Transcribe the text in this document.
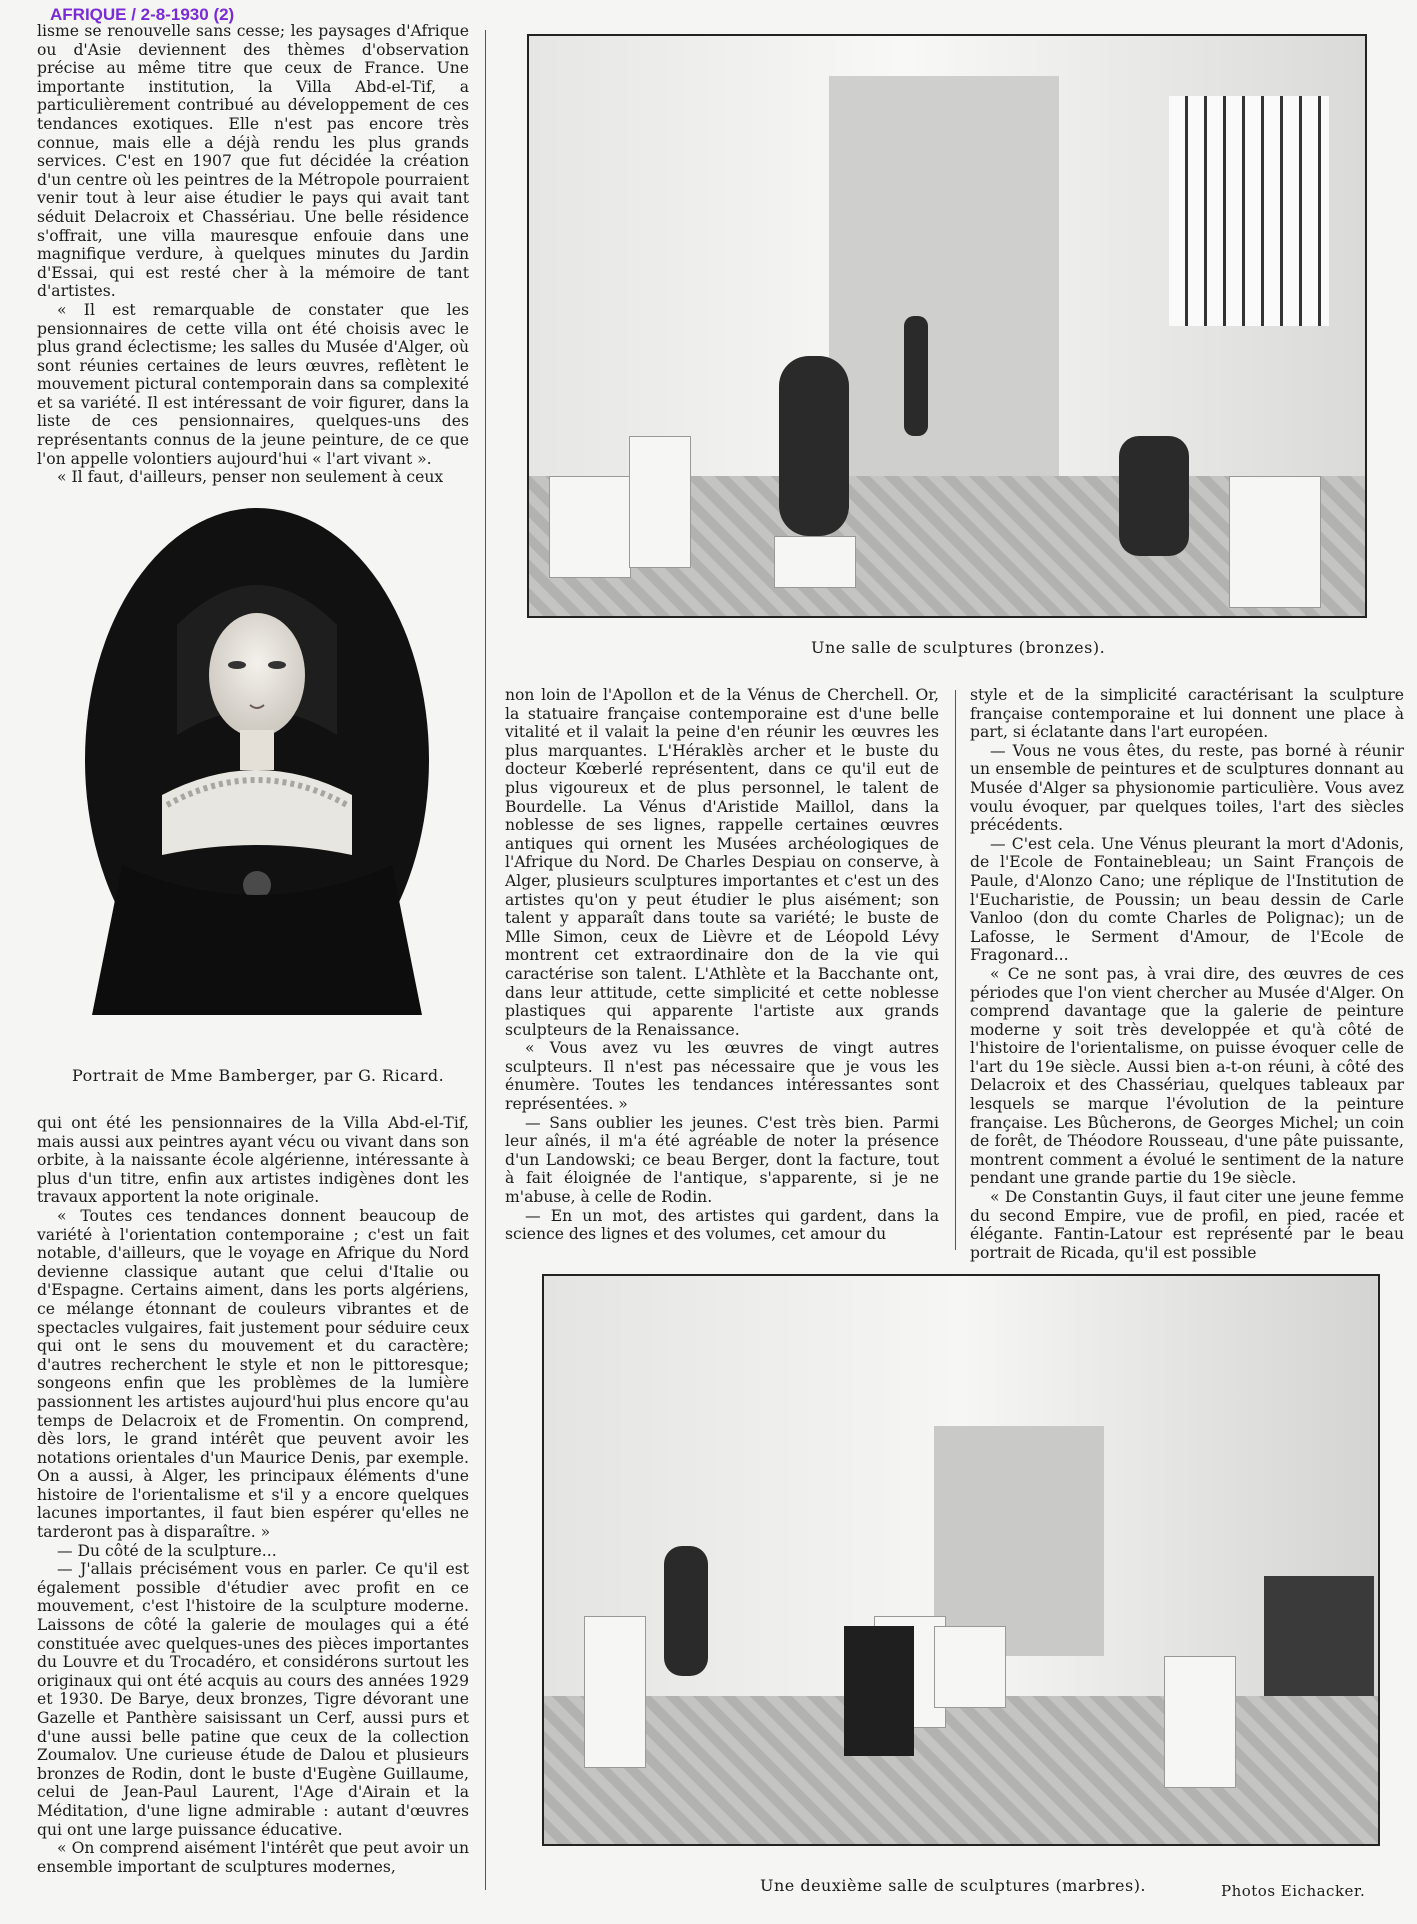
AFRIQUE / 2-8-1930 (2)

lisme se renouvelle sans cesse; les paysages d'Afrique ou d'Asie deviennent des thèmes d'observation précise au même titre que ceux de France. Une importante institution, la Villa Abd-el-Tif, a particulièrement contribué au développement de ces tendances exotiques. Elle n'est pas encore très connue, mais elle a déjà rendu les plus grands services. C'est en 1907 que fut décidée la création d'un centre où les peintres de la Métropole pourraient venir tout à leur aise étudier le pays qui avait tant séduit Delacroix et Chassériau. Une belle résidence s'offrait, une villa mauresque enfouie dans une magnifique verdure, à quelques minutes du Jardin d'Essai, qui est resté cher à la mémoire de tant d'artistes.

« Il est remarquable de constater que les pensionnaires de cette villa ont été choisis avec le plus grand éclectisme; les salles du Musée d'Alger, où sont réunies certaines de leurs œuvres, reflètent le mouvement pictural contemporain dans sa complexité et sa variété. Il est intéressant de voir figurer, dans la liste de ces pensionnaires, quelques-uns des représentants connus de la jeune peinture, de ce que l'on appelle volontiers aujourd'hui « l'art vivant ».

« Il faut, d'ailleurs, penser non seulement à ceux

Portrait de Mme Bamberger, par G. Ricard.

qui ont été les pensionnaires de la Villa Abd-el-Tif, mais aussi aux peintres ayant vécu ou vivant dans son orbite, à la naissante école algérienne, intéressante à plus d'un titre, enfin aux artistes indigènes dont les travaux apportent la note originale.

« Toutes ces tendances donnent beaucoup de variété à l'orientation contemporaine ; c'est un fait notable, d'ailleurs, que le voyage en Afrique du Nord devienne classique autant que celui d'Italie ou d'Espagne. Certains aiment, dans les ports algériens, ce mélange étonnant de couleurs vibrantes et de spectacles vulgaires, fait justement pour séduire ceux qui ont le sens du mouvement et du caractère; d'autres recherchent le style et non le pittoresque; songeons enfin que les problèmes de la lumière passionnent les artistes aujourd'hui plus encore qu'au temps de Delacroix et de Fromentin. On comprend, dès lors, le grand intérêt que peuvent avoir les notations orientales d'un Maurice Denis, par exemple. On a aussi, à Alger, les principaux éléments d'une histoire de l'orientalisme et s'il y a encore quelques lacunes importantes, il faut bien espérer qu'elles ne tarderont pas à disparaître. »

— Du côté de la sculpture...

— J'allais précisément vous en parler. Ce qu'il est également possible d'étudier avec profit en ce mouvement, c'est l'histoire de la sculpture moderne. Laissons de côté la galerie de moulages qui a été constituée avec quelques-unes des pièces importantes du Louvre et du Trocadéro, et considérons surtout les originaux qui ont été acquis au cours des années 1929 et 1930. De Barye, deux bronzes, Tigre dévorant une Gazelle et Panthère saisissant un Cerf, aussi purs et d'une aussi belle patine que ceux de la collection Zoumalov. Une curieuse étude de Dalou et plusieurs bronzes de Rodin, dont le buste d'Eugène Guillaume, celui de Jean-Paul Laurent, l'Age d'Airain et la Méditation, d'une ligne admirable : autant d'œuvres qui ont une large puissance éducative.

« On comprend aisément l'intérêt que peut avoir un ensemble important de sculptures modernes,

Une salle de sculptures (bronzes).

non loin de l'Apollon et de la Vénus de Cherchell. Or, la statuaire française contemporaine est d'une belle vitalité et il valait la peine d'en réunir les œuvres les plus marquantes. L'Héraklès archer et le buste du docteur Kœberlé représentent, dans ce qu'il eut de plus vigoureux et de plus personnel, le talent de Bourdelle. La Vénus d'Aristide Maillol, dans la noblesse de ses lignes, rappelle certaines œuvres antiques qui ornent les Musées archéologiques de l'Afrique du Nord. De Charles Despiau on conserve, à Alger, plusieurs sculptures importantes et c'est un des artistes qu'on y peut étudier le plus aisément; son talent y apparaît dans toute sa variété; le buste de Mlle Simon, ceux de Lièvre et de Léopold Lévy montrent cet extraordinaire don de la vie qui caractérise son talent. L'Athlète et la Bacchante ont, dans leur attitude, cette simplicité et cette noblesse plastiques qui apparente l'artiste aux grands sculpteurs de la Renaissance.

« Vous avez vu les œuvres de vingt autres sculpteurs. Il n'est pas nécessaire que je vous les énumère. Toutes les tendances intéressantes sont représentées. »

— Sans oublier les jeunes. C'est très bien. Parmi leur aînés, il m'a été agréable de noter la présence d'un Landowski; ce beau Berger, dont la facture, tout à fait éloignée de l'antique, s'apparente, si je ne m'abuse, à celle de Rodin.

— En un mot, des artistes qui gardent, dans la science des lignes et des volumes, cet amour du

style et de la simplicité caractérisant la sculpture française contemporaine et lui donnent une place à part, si éclatante dans l'art européen.

— Vous ne vous êtes, du reste, pas borné à réunir un ensemble de peintures et de sculptures donnant au Musée d'Alger sa physionomie particulière. Vous avez voulu évoquer, par quelques toiles, l'art des siècles précédents.

— C'est cela. Une Vénus pleurant la mort d'Adonis, de l'Ecole de Fontainebleau; un Saint François de Paule, d'Alonzo Cano; une réplique de l'Institution de l'Eucharistie, de Poussin; un beau dessin de Carle Vanloo (don du comte Charles de Polignac); un de Lafosse, le Serment d'Amour, de l'Ecole de Fragonard...

« Ce ne sont pas, à vrai dire, des œuvres de ces périodes que l'on vient chercher au Musée d'Alger. On comprend davantage que la galerie de peinture moderne y soit très developpée et qu'à côté de l'histoire de l'orientalisme, on puisse évoquer celle de l'art du 19e siècle. Aussi bien a-t-on réuni, à côté des Delacroix et des Chassériau, quelques tableaux par lesquels se marque l'évolution de la peinture française. Les Bûcherons, de Georges Michel; un coin de forêt, de Théodore Rousseau, d'une pâte puissante, montrent comment a évolué le sentiment de la nature pendant une grande partie du 19e siècle.

« De Constantin Guys, il faut citer une jeune femme du second Empire, vue de profil, en pied, racée et élégante. Fantin-Latour est représenté par le beau portrait de Ricada, qu'il est possible

Une deuxième salle de sculptures (marbres).	Photos Eichacker.
